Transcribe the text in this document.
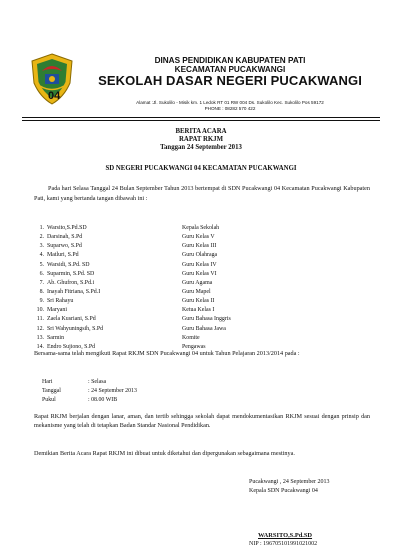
04
DINAS PENDIDIKAN KABUPATEN PATI
KECAMATAN PUCAKWANGI
SEKOLAH DASAR NEGERI PUCAKWANGI
Alamat :Jl. Sukolilo - Misik km. 1 Ledok RT 01 RW 004 Ds. Sukolilo Kec. Sukolilo Pos 59172
PHONE : 08282 570 422
BERITA ACARA
RAPAT RKJM
Tanggan 24 September 2013
SD NEGERI PUCAKWANGI 04 KECAMATAN PUCAKWANGI
Pada hari Selasa Tanggal 24 Bulan September Tahun 2013 bertempat di SDN Pucakwangi 04 Kecamatan Pucakwangi Kabupaten Pati, kami yang bertanda tangan dibawah ini :
1. Warsito,S.Pd.SD	Kepala Sekolah
2. Darsinah, S.Pd	Guru Kelas V
3. Suparwo, S.Pd	Guru Kelas III
4. Matluri, S.Pd	Guru Olahraga
5. Warsidi, S.Pd. SD	Guru Kelas IV
6. Suparmin, S.Pd. SD	Guru Kelas VI
7. Ab. Ghufron, S.Pd.i	Guru Agama
8. Inayah Fitriana, S.Pd.I	Guru Mapel
9. Sri Rahayu	Guru Kelas II
10. Maryani	Ketua Kelas I
11. Zaela Kusriani, S.Pd	Guru Bahasa Inggris
12. Sri Wahyuningsih, S.Pd	Guru Bahasa Jawa
13. Sarmin	Komite
14. Endro Sujiono, S.Pd	Pengawas
Bersama-sama telah mengikuti Rapat RKJM SDN Pucakwangi 04 untuk Tahun Pelajaran 2013/2014 pada :
Hari	: Selasa
Tanggal	: 24 September 2013
Pukul	: 08.00 WIB
Rapat RKJM berjalan dengan lanar, aman, dan tertib sehingga sekolah dapat mendokumentasikan RKJM sesuai dengan prinsip dan mekanisme yang telah di tetapkan Badan Standar Nasional Pendidikan.
Demikian Berita Acara Rapat RKJM ini dibuat untuk diketahui dan dipergunakan sebagaimana mestinya.
Pucakwangi , 24 September 2013
Kepala SDN Pucakwangi 04
WARSITO,S.Pd.SD
NIP : 196705101991021002
